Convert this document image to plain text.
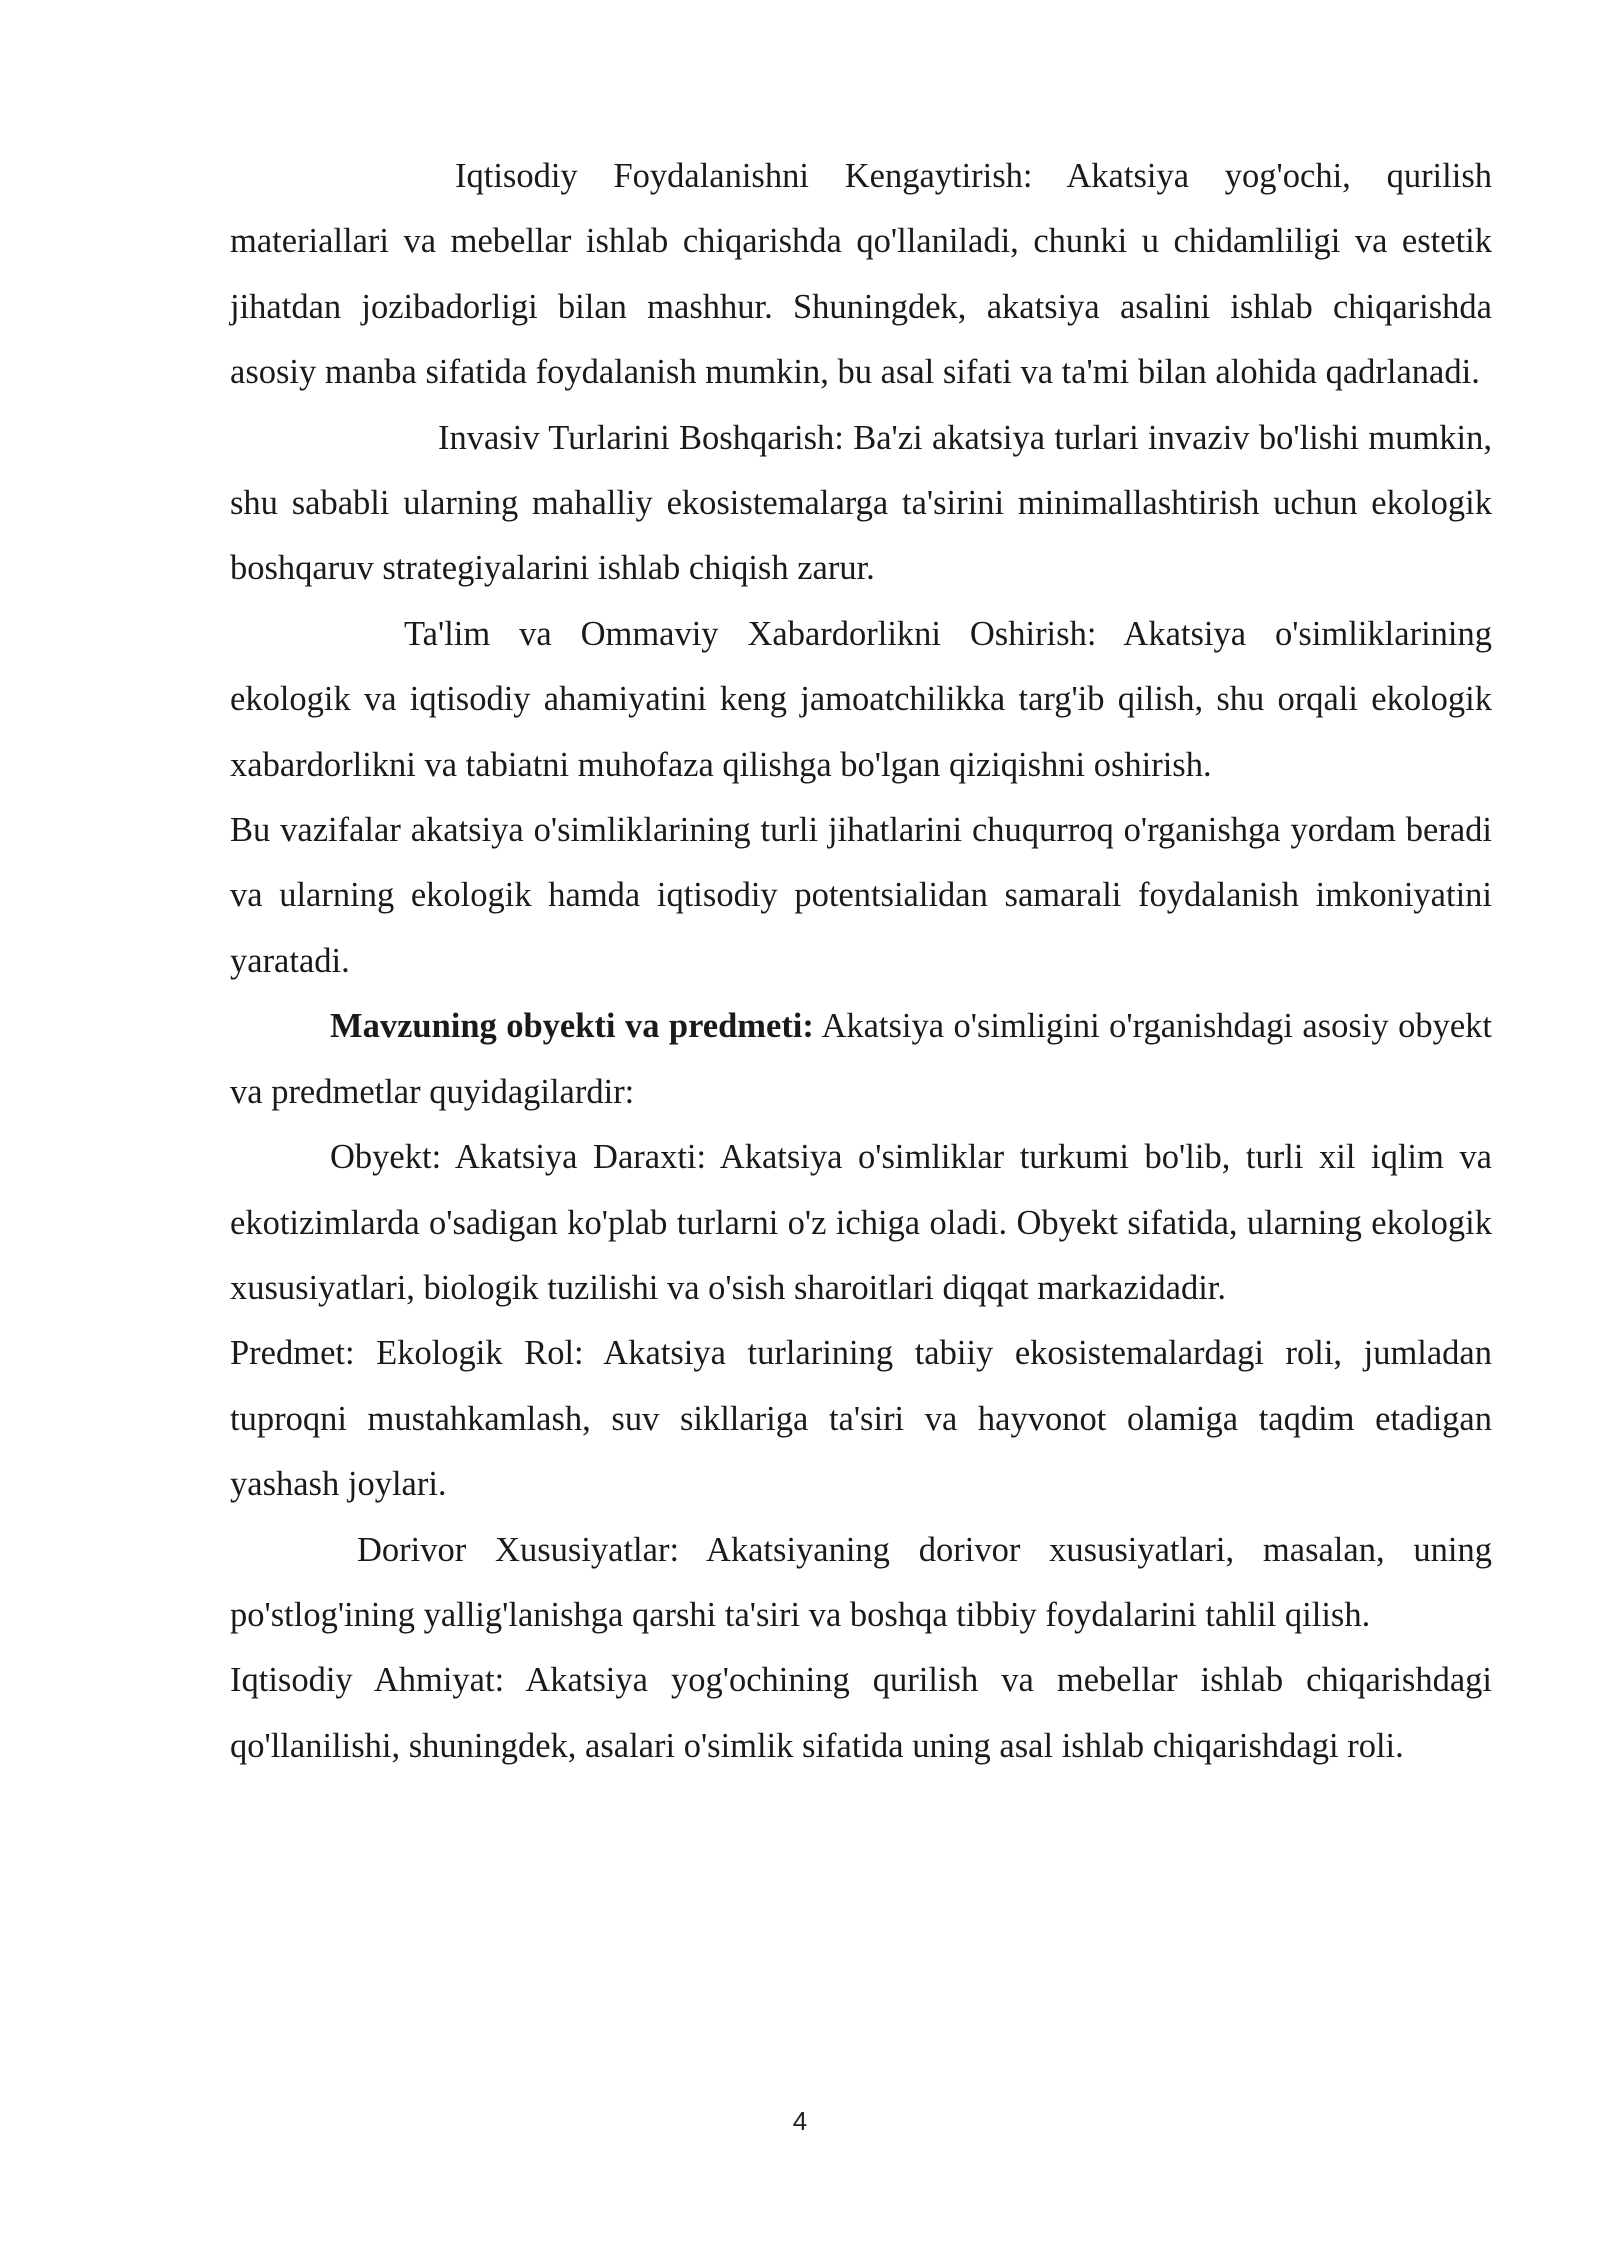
Iqtisodiy Foydalanishni Kengaytirish: Akatsiya yog'ochi, qurilish materiallari va mebellar ishlab chiqarishda qo'llaniladi, chunki u chidamliligi va estetik jihatdan jozibadorligi bilan mashhur. Shuningdek, akatsiya asalini ishlab chiqarishda asosiy manba sifatida foydalanish mumkin, bu asal sifati va ta'mi bilan alohida qadrlanadi.

Invasiv Turlarini Boshqarish: Ba'zi akatsiya turlari invaziv bo'lishi mumkin, shu sababli ularning mahalliy ekosistemalarga ta'sirini minimallashtirish uchun ekologik boshqaruv strategiyalarini ishlab chiqish zarur.

Ta'lim va Ommaviy Xabardorlikni Oshirish: Akatsiya o'simliklarining ekologik va iqtisodiy ahamiyatini keng jamoatchilikka targ'ib qilish, shu orqali ekologik xabardorlikni va tabiatni muhofaza qilishga bo'lgan qiziqishni oshirish.

Bu vazifalar akatsiya o'simliklarining turli jihatlarini chuqurroq o'rganishga yordam beradi va ularning ekologik hamda iqtisodiy potentsialidan samarali foydalanish imkoniyatini yaratadi.

Mavzuning obyekti va predmeti: Akatsiya o'simligini o'rganishdagi asosiy obyekt va predmetlar quyidagilardir:

Obyekt: Akatsiya Daraxti: Akatsiya o'simliklar turkumi bo'lib, turli xil iqlim va ekotizimlarda o'sadigan ko'plab turlarni o'z ichiga oladi. Obyekt sifatida, ularning ekologik xususiyatlari, biologik tuzilishi va o'sish sharoitlari diqqat markazidadir.

Predmet: Ekologik Rol: Akatsiya turlarining tabiiy ekosistemalardagi roli, jumladan tuproqni mustahkamlash, suv sikllariga ta'siri va hayvonot olamiga taqdim etadigan yashash joylari.

Dorivor Xususiyatlar: Akatsiyaning dorivor xususiyatlari, masalan, uning po'stlog'ining yallig'lanishga qarshi ta'siri va boshqa tibbiy foydalarini tahlil qilish.

Iqtisodiy Ahmiyat: Akatsiya yog'ochining qurilish va mebellar ishlab chiqarishdagi qo'llanilishi, shuningdek, asalari o'simlik sifatida uning asal ishlab chiqarishdagi roli.

4
